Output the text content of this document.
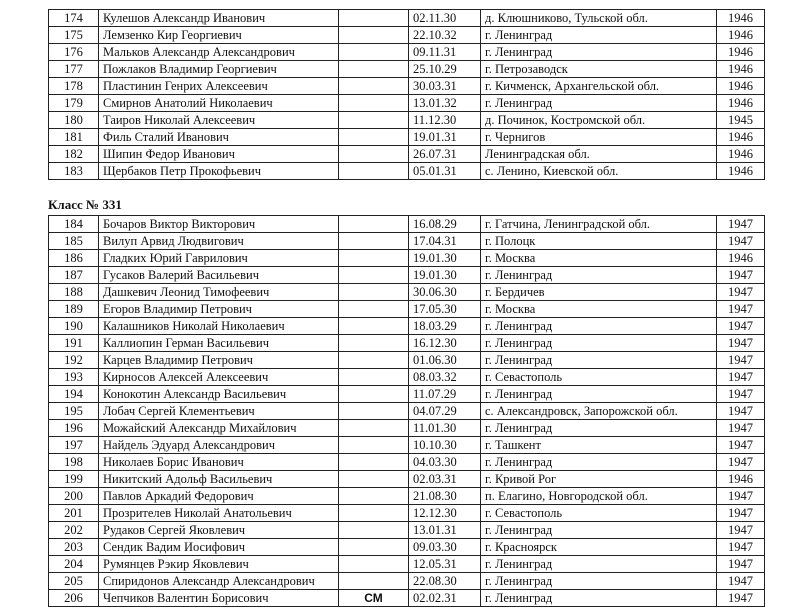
174	Кулешов Александр Иванович		02.11.30	д. Клюшниково, Тульской обл.	1946
175	Лемзенко Кир Георгиевич		22.10.32	г. Ленинград	1946
176	Мальков Александр Александрович		09.11.31	г. Ленинград	1946
177	Пожлаков Владимир Георгиевич		25.10.29	г. Петрозаводск	1946
178	Пластинин Генрих Алексеевич		30.03.31	г. Кичменск, Архангельской обл.	1946
179	Смирнов Анатолий Николаевич		13.01.32	г. Ленинград	1946
180	Таиров Николай Алексеевич		11.12.30	д. Починок, Костромской обл.	1945
181	Филь Сталий Иванович		19.01.31	г. Чернигов	1946
182	Шипин Федор Иванович		26.07.31	Ленинградская обл.	1946
183	Щербаков Петр Прокофьевич		05.01.31	с. Ленино, Киевской обл.	1946
Класс № 331
184	Бочаров Виктор Викторович		16.08.29	г. Гатчина, Ленинградской обл.	1947
185	Вилуп Арвид Людвигович		17.04.31	г. Полоцк	1947
186	Гладких Юрий Гаврилович		19.01.30	г. Москва	1946
187	Гусаков Валерий Васильевич		19.01.30	г. Ленинград	1947
188	Дашкевич Леонид Тимофеевич		30.06.30	г. Бердичев	1947
189	Егоров Владимир Петрович		17.05.30	г. Москва	1947
190	Калашников Николай Николаевич		18.03.29	г. Ленинград	1947
191	Каллиопин Герман Васильевич		16.12.30	г. Ленинград	1947
192	Карцев Владимир Петрович		01.06.30	г. Ленинград	1947
193	Кирносов Алексей Алексеевич		08.03.32	г. Севастополь	1947
194	Конокотин Александр Васильевич		11.07.29	г. Ленинград	1947
195	Лобач Сергей Клементьевич		04.07.29	с. Александровск, Запорожской обл.	1947
196	Можайский Александр Михайлович		11.01.30	г. Ленинград	1947
197	Найдель Эдуард Александрович		10.10.30	г. Ташкент	1947
198	Николаев Борис Иванович		04.03.30	г. Ленинград	1947
199	Никитский Адольф Васильевич		02.03.31	г. Кривой Рог	1946
200	Павлов Аркадий Федорович		21.08.30	п. Елагино, Новгородской обл.	1947
201	Прозрителев Николай Анатольевич		12.12.30	г. Севастополь	1947
202	Рудаков Сергей Яковлевич		13.01.31	г. Ленинград	1947
203	Сендик Вадим Иосифович		09.03.30	г. Красноярск	1947
204	Румянцев Рэкир Яковлевич		12.05.31	г. Ленинград	1947
205	Спиридонов Александр Александрович		22.08.30	г. Ленинград	1947
206	Чепчиков Валентин Борисович	СМ	02.02.31	г. Ленинград	1947
